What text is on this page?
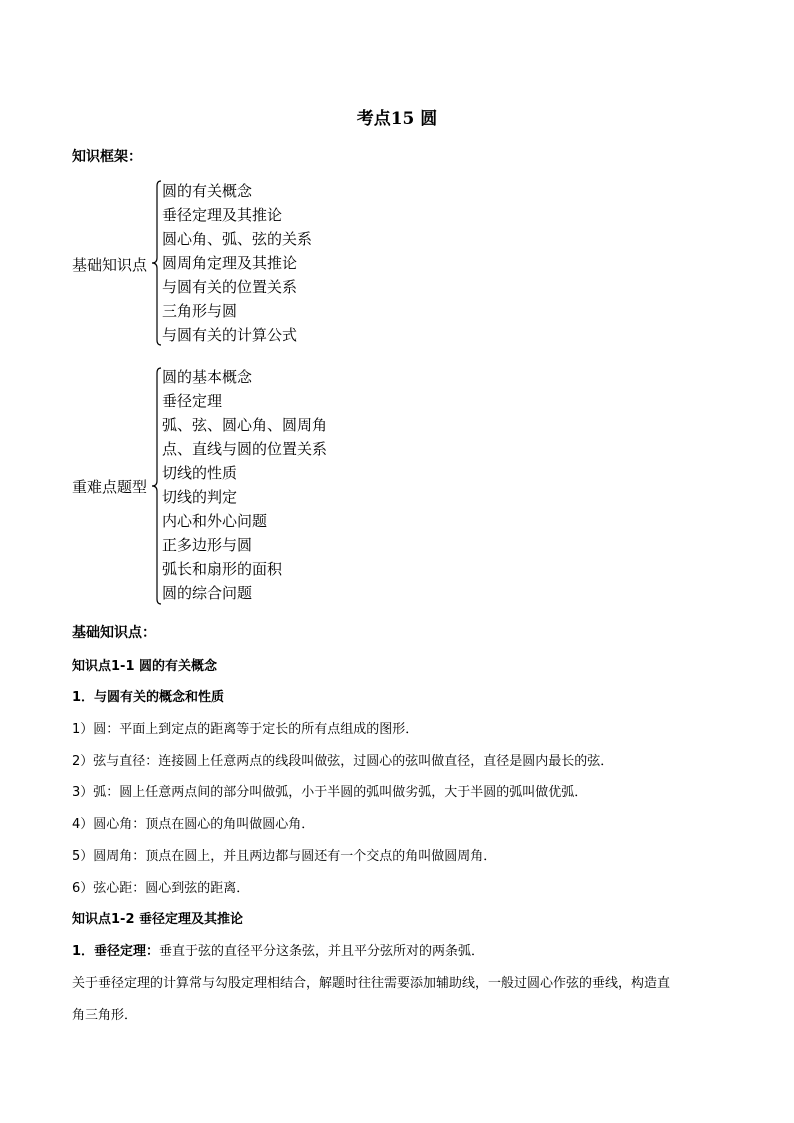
考点15 圆
知识框架：
基础知识点
圆的有关概念
垂径定理及其推论
圆心角、弧、弦的关系
圆周角定理及其推论
与圆有关的位置关系
三角形与圆
与圆有关的计算公式
重难点题型
圆的基本概念
垂径定理
弧、弦、圆心角、圆周角
点、直线与圆的位置关系
切线的性质
切线的判定
内心和外心问题
正多边形与圆
弧长和扇形的面积
圆的综合问题
基础知识点：
知识点1-1 圆的有关概念
1．与圆有关的概念和性质
1）圆：平面上到定点的距离等于定长的所有点组成的图形．
2）弦与直径：连接圆上任意两点的线段叫做弦，过圆心的弦叫做直径，直径是圆内最长的弦．
3）弧：圆上任意两点间的部分叫做弧，小于半圆的弧叫做劣弧，大于半圆的弧叫做优弧．
4）圆心角：顶点在圆心的角叫做圆心角．
5）圆周角：顶点在圆上，并且两边都与圆还有一个交点的角叫做圆周角．
6）弦心距：圆心到弦的距离．
知识点1-2 垂径定理及其推论
1．垂径定理：垂直于弦的直径平分这条弦，并且平分弦所对的两条弧．
关于垂径定理的计算常与勾股定理相结合，解题时往往需要添加辅助线，一般过圆心作弦的垂线，构造直
角三角形．
